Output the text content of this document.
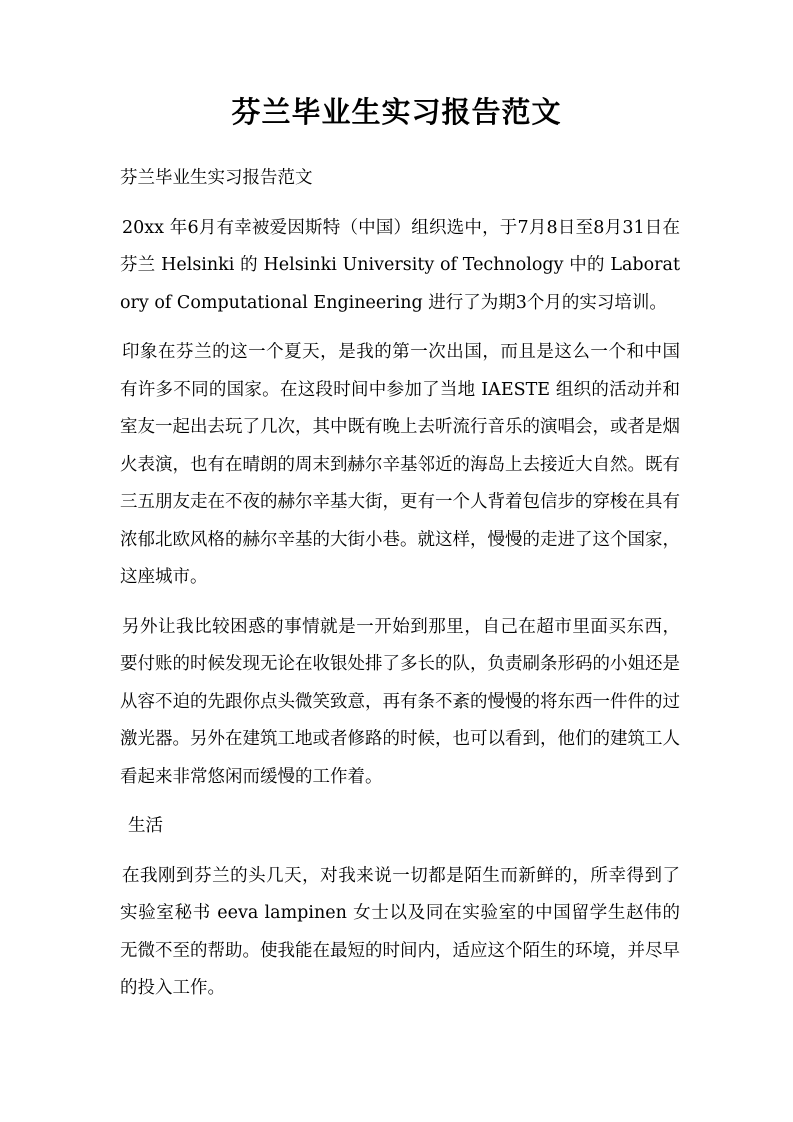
芬兰毕业生实习报告范文

芬兰毕业生实习报告范文

20xx 年6月有幸被爱因斯特（中国）组织选中，于7月8日至8月31日在芬兰 Helsinki 的 Helsinki University of Technology 中的 Laboratory of Computational Engineering 进行了为期3个月的实习培训。

印象在芬兰的这一个夏天，是我的第一次出国，而且是这么一个和中国有许多不同的国家。在这段时间中参加了当地 IAESTE 组织的活动并和室友一起出去玩了几次，其中既有晚上去听流行音乐的演唱会，或者是烟火表演，也有在晴朗的周末到赫尔辛基邻近的海岛上去接近大自然。既有三五朋友走在不夜的赫尔辛基大街，更有一个人背着包信步的穿梭在具有浓郁北欧风格的赫尔辛基的大街小巷。就这样，慢慢的走进了这个国家，这座城市。

另外让我比较困惑的事情就是一开始到那里，自己在超市里面买东西，要付账的时候发现无论在收银处排了多长的队，负责刷条形码的小姐还是从容不迫的先跟你点头微笑致意，再有条不紊的慢慢的将东西一件件的过激光器。另外在建筑工地或者修路的时候，也可以看到，他们的建筑工人看起来非常悠闲而缓慢的工作着。

生活

在我刚到芬兰的头几天，对我来说一切都是陌生而新鲜的，所幸得到了实验室秘书 eeva lampinen 女士以及同在实验室的中国留学生赵伟的无微不至的帮助。使我能在最短的时间内，适应这个陌生的环境，并尽早的投入工作。
